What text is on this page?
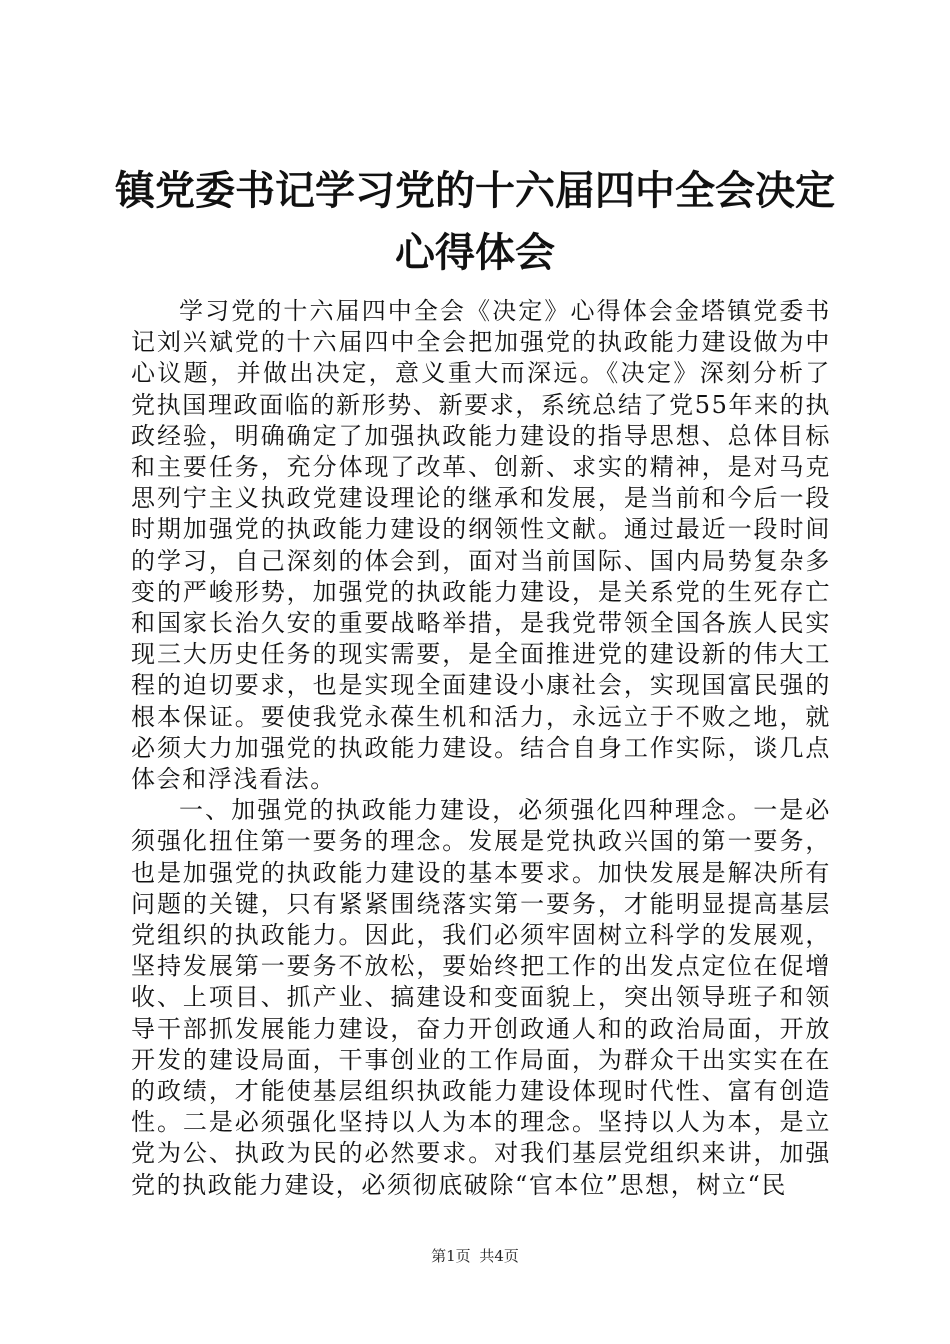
镇党委书记学习党的十六届四中全会决定心得体会

学习党的十六届四中全会《决定》心得体会金塔镇党委书记刘兴斌党的十六届四中全会把加强党的执政能力建设做为中心议题，并做出决定，意义重大而深远。《决定》深刻分析了党执国理政面临的新形势、新要求，系统总结了党55年来的执政经验，明确确定了加强执政能力建设的指导思想、总体目标和主要任务，充分体现了改革、创新、求实的精神，是对马克思列宁主义执政党建设理论的继承和发展，是当前和今后一段时期加强党的执政能力建设的纲领性文献。通过最近一段时间的学习，自己深刻的体会到，面对当前国际、国内局势复杂多变的严峻形势，加强党的执政能力建设，是关系党的生死存亡和国家长治久安的重要战略举措，是我党带领全国各族人民实现三大历史任务的现实需要，是全面推进党的建设新的伟大工程的迫切要求，也是实现全面建设小康社会，实现国富民强的根本保证。要使我党永葆生机和活力，永远立于不败之地，就必须大力加强党的执政能力建设。结合自身工作实际，谈几点体会和浮浅看法。

一、加强党的执政能力建设，必须强化四种理念。一是必须强化扭住第一要务的理念。发展是党执政兴国的第一要务，也是加强党的执政能力建设的基本要求。加快发展是解决所有问题的关键，只有紧紧围绕落实第一要务，才能明显提高基层党组织的执政能力。因此，我们必须牢固树立科学的发展观，坚持发展第一要务不放松，要始终把工作的出发点定位在促增收、上项目、抓产业、搞建设和变面貌上，突出领导班子和领导干部抓发展能力建设，奋力开创政通人和的政治局面，开放开发的建设局面，干事创业的工作局面，为群众干出实实在在的政绩，才能使基层组织执政能力建设体现时代性、富有创造性。二是必须强化坚持以人为本的理念。坚持以人为本，是立党为公、执政为民的必然要求。对我们基层党组织来讲，加强党的执政能力建设，必须彻底破除“官本位”思想，树立“民

第1页 共4页
